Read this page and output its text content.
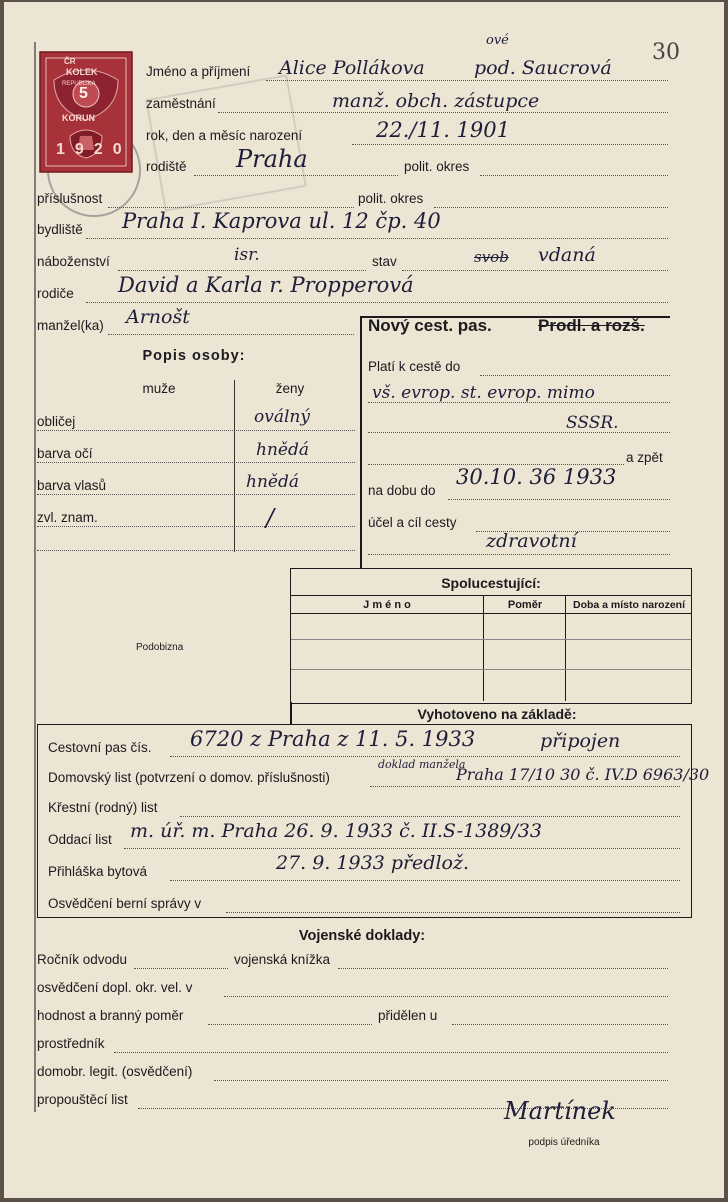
ČR
KOLEK
REPUBLIKA
5
KORUN
1920
30
Jméno a příjmení Alice Pollákova
ové
pod. Saucrová
zaměstnání	manž. obch. zástupce
rok, den a měsíc narození	22./11. 1901
rodiště Praha	polit. okres
příslušnost	polit. okres
bydliště Praha I. Kaprova ul. 12 čp. 40
náboženství	isr.	stav	svob vdaná
rodiče David a Karla r. Propperová
manžel(ka) Arnošt
Popis osoby:
muže	ženy
obličej	oválný
barva očí	hnědá
barva vlasů	hnědá
zvl. znam.	/
Nový cest. pas.	Prodl. a rozš.
Platí k cestě do
vš. evrop. st. evrop. mimo
SSSR.
a zpět
na dobu do
30.10. 36 1933
účel a cíl cesty
zdravotní
Podobizna
Spolucestující:
J m é n o	Poměr	Doba a místo narození
Vyhotoveno na základě:
Cestovní pas čís. 6720 z Praha z 11. 5. 1933	připojen
Domovský list (potvrzení o domov. příslušnosti)
doklad manžela
Praha 17/10 30 č. IV.D 6963/30
Křestní (rodný) list
Oddací list m. úř. m. Praha 26. 9. 1933 č. II.S-1389/33
Přihláška bytová	27. 9. 1933 předlož.
Osvědčení berní správy v
Vojenské doklady:
Ročník odvodu	vojenská knížka
osvědčení dopl. okr. vel. v
hodnost a branný poměr	přidělen u
prostředník
domobr. legit. (osvědčení)
propouštěcí list	Martínek
podpis úředníka
